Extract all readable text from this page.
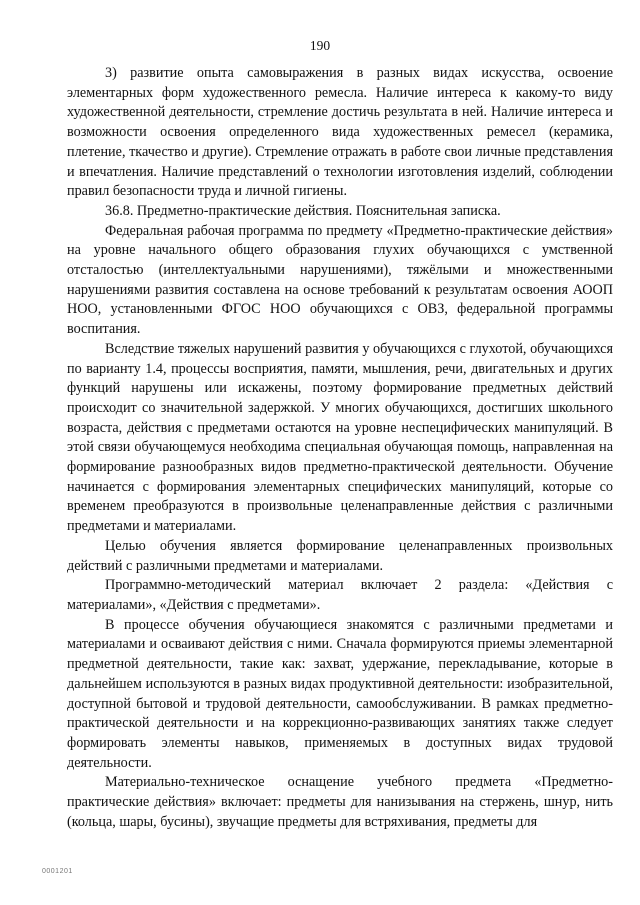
190

3) развитие опыта самовыражения в разных видах искусства, освоение элементарных форм художественного ремесла. Наличие интереса к какому-то виду художественной деятельности, стремление достичь результата в ней. Наличие интереса и возможности освоения определенного вида художественных ремесел (керамика, плетение, ткачество и другие). Стремление отражать в работе свои личные представления и впечатления. Наличие представлений о технологии изготовления изделий, соблюдении правил безопасности труда и личной гигиены.

36.8. Предметно-практические действия. Пояснительная записка.

Федеральная рабочая программа по предмету «Предметно-практические действия» на уровне начального общего образования глухих обучающихся с умственной отсталостью (интеллектуальными нарушениями), тяжёлыми и множественными нарушениями развития составлена на основе требований к результатам освоения АООП НОО, установленными ФГОС НОО обучающихся с ОВЗ, федеральной программы воспитания.

Вследствие тяжелых нарушений развития у обучающихся с глухотой, обучающихся по варианту 1.4, процессы восприятия, памяти, мышления, речи, двигательных и других функций нарушены или искажены, поэтому формирование предметных действий происходит со значительной задержкой. У многих обучающихся, достигших школьного возраста, действия с предметами остаются на уровне неспецифических манипуляций. В этой связи обучающемуся необходима специальная обучающая помощь, направленная на формирование разнообразных видов предметно-практической деятельности. Обучение начинается с формирования элементарных специфических манипуляций, которые со временем преобразуются в произвольные целенаправленные действия с различными предметами и материалами.

Целью обучения является формирование целенаправленных произвольных действий с различными предметами и материалами.

Программно-методический материал включает 2 раздела: «Действия с материалами», «Действия с предметами».

В процессе обучения обучающиеся знакомятся с различными предметами и материалами и осваивают действия с ними. Сначала формируются приемы элементарной предметной деятельности, такие как: захват, удержание, перекладывание, которые в дальнейшем используются в разных видах продуктивной деятельности: изобразительной, доступной бытовой и трудовой деятельности, самообслуживании. В рамках предметно-практической деятельности и на коррекционно-развивающих занятиях также следует формировать элементы навыков, применяемых в доступных видах трудовой деятельности.

Материально-техническое оснащение учебного предмета «Предметно-практические действия» включает: предметы для нанизывания на стержень, шнур, нить (кольца, шары, бусины), звучащие предметы для встряхивания, предметы для

0001201
